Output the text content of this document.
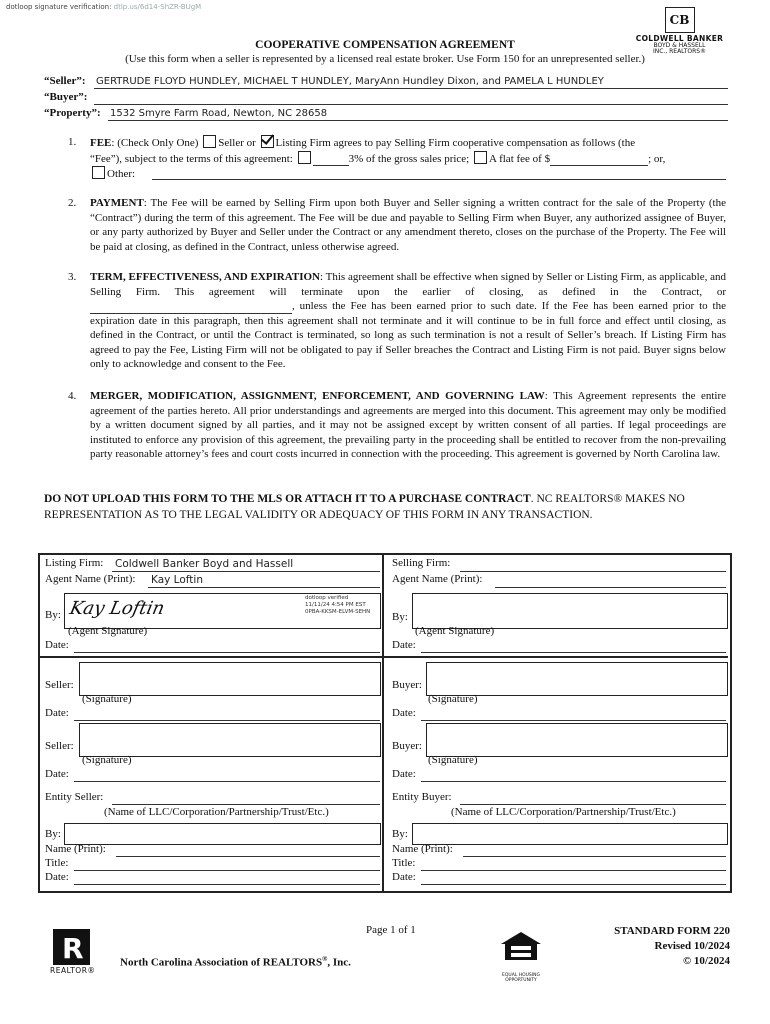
dotloop signature verification: dtlp.us/6d14-ShZR-BUgM
CB
COLDWELL BANKER
BOYD & HASSELL
INC., REALTORS®
COOPERATIVE COMPENSATION AGREEMENT
(Use this form when a seller is represented by a licensed real estate broker. Use Form 150 for an unrepresented seller.)
“Seller”: GERTRUDE FLOYD HUNDLEY, MICHAEL T HUNDLEY, MaryAnn Hundley Dixon, and PAMELA L HUNDLEY
“Buyer”:
“Property”: 1532 Smyre Farm Road, Newton, NC 28658
1. FEE: (Check Only One) Seller or Listing Firm agrees to pay Selling Firm cooperative compensation as follows (the
“Fee”), subject to the terms of this agreement:	3% of the gross sales price; A flat fee of $	; or,
Other:
2. PAYMENT: The Fee will be earned by Selling Firm upon both Buyer and Seller signing a written contract for the sale of the Property (the “Contract”) during the term of this agreement. The Fee will be due and payable to Selling Firm when Buyer, any authorized assignee of Buyer, or any party authorized by Buyer and Seller under the Contract or any amendment thereto, closes on the purchase of the Property. The Fee will be paid at closing, as defined in the Contract, unless otherwise agreed.
3. TERM, EFFECTIVENESS, AND EXPIRATION: This agreement shall be effective when signed by Seller or Listing Firm, as applicable, and Selling Firm. This agreement will terminate upon the earlier of closing, as defined in the Contract, or , unless the Fee has been earned prior to such date. If the Fee has been earned prior to the expiration date in this paragraph, then this agreement shall not terminate and it will continue to be in full force and effect until closing, as defined in the Contract, or until the Contract is terminated, so long as such termination is not a result of Seller’s breach. If Listing Firm has agreed to pay the Fee, Listing Firm will not be obligated to pay if Seller breaches the Contract and Listing Firm is not paid. Buyer signs below only to acknowledge and consent to the Fee.
4. MERGER, MODIFICATION, ASSIGNMENT, ENFORCEMENT, AND GOVERNING LAW: This Agreement represents the entire agreement of the parties hereto. All prior understandings and agreements are merged into this document. This agreement may only be modified by a written document signed by all parties, and it may not be assigned except by written consent of all parties. If legal proceedings are instituted to enforce any provision of this agreement, the prevailing party in the proceeding shall be entitled to recover from the non-prevailing party reasonable attorney’s fees and court costs incurred in connection with the proceeding. This agreement is governed by North Carolina law.
DO NOT UPLOAD THIS FORM TO THE MLS OR ATTACH IT TO A PURCHASE CONTRACT. NC REALTORS® MAKES NO REPRESENTATION AS TO THE LEGAL VALIDITY OR ADEQUACY OF THIS FORM IN ANY TRANSACTION.
Listing Firm: Coldwell Banker Boyd and Hassell
Agent Name (Print): Kay Loftin
By: Kay Loftin	dotloop verified
11/11/24 4:54 PM EST
0PBA-KKSM-ELVM-SEHN
(Agent Signature)
Date:
Seller:
(Signature)
Date:
Seller:
(Signature)
Date:
Entity Seller:
(Name of LLC/Corporation/Partnership/Trust/Etc.)
By:
Name (Print):
Title:
Date:
Selling Firm:
Agent Name (Print):
By:
(Agent Signature)
Date:
Buyer:
(Signature)
Date:
Buyer:
(Signature)
Date:
Entity Buyer:
(Name of LLC/Corporation/Partnership/Trust/Etc.)
By:
Name (Print):
Title:
Date:
Page 1 of 1
R
REALTOR®
North Carolina Association of REALTORS®, Inc.
EQUAL HOUSING OPPORTUNITY
STANDARD FORM 220
Revised 10/2024
© 10/2024
